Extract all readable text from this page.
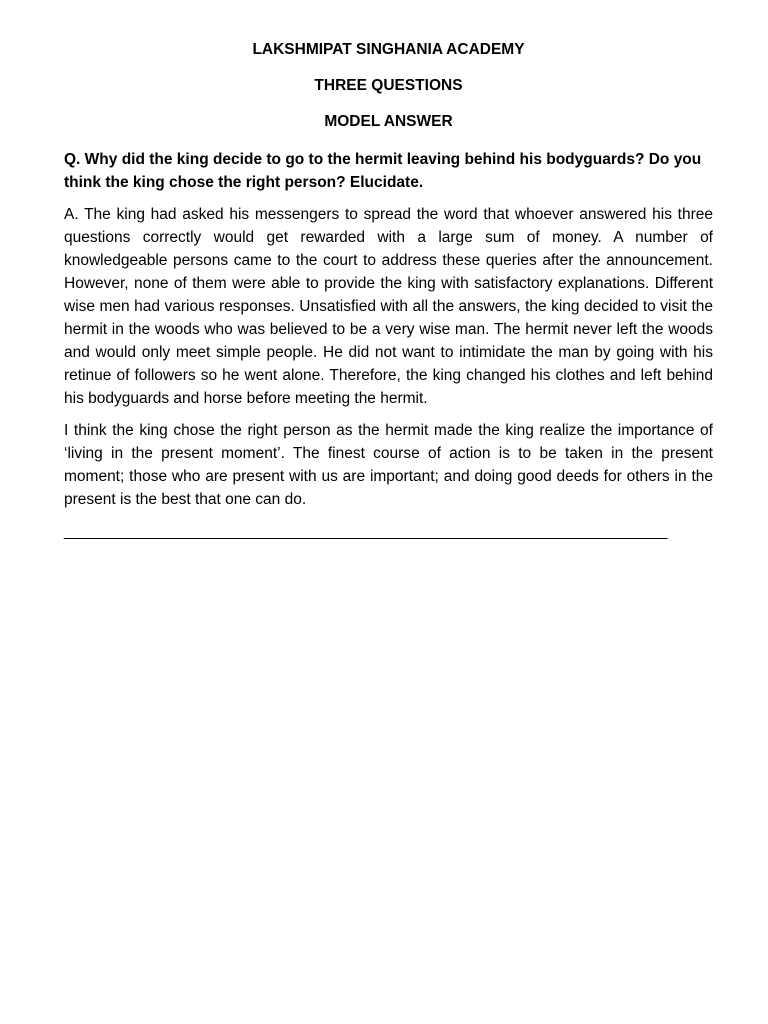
LAKSHMIPAT SINGHANIA ACADEMY

THREE QUESTIONS

MODEL ANSWER

Q. Why did the king decide to go to the hermit leaving behind his bodyguards? Do you think the king chose the right person? Elucidate.

A. The king had asked his messengers to spread the word that whoever answered his three questions correctly would get rewarded with a large sum of money. A number of knowledgeable persons came to the court to address these queries after the announcement. However, none of them were able to provide the king with satisfactory explanations. Different wise men had various responses. Unsatisfied with all the answers, the king decided to visit the hermit in the woods who was believed to be a very wise man. The hermit never left the woods and would only meet simple people. He did not want to intimidate the man by going with his retinue of followers so he went alone. Therefore, the king changed his clothes and left behind his bodyguards and horse before meeting the hermit.

I think the king chose the right person as the hermit made the king realize the importance of ‘living in the present moment’. The finest course of action is to be taken in the present moment; those who are present with us are important; and doing good deeds for others in the present is the best that one can do.

______________________________________________________________________
